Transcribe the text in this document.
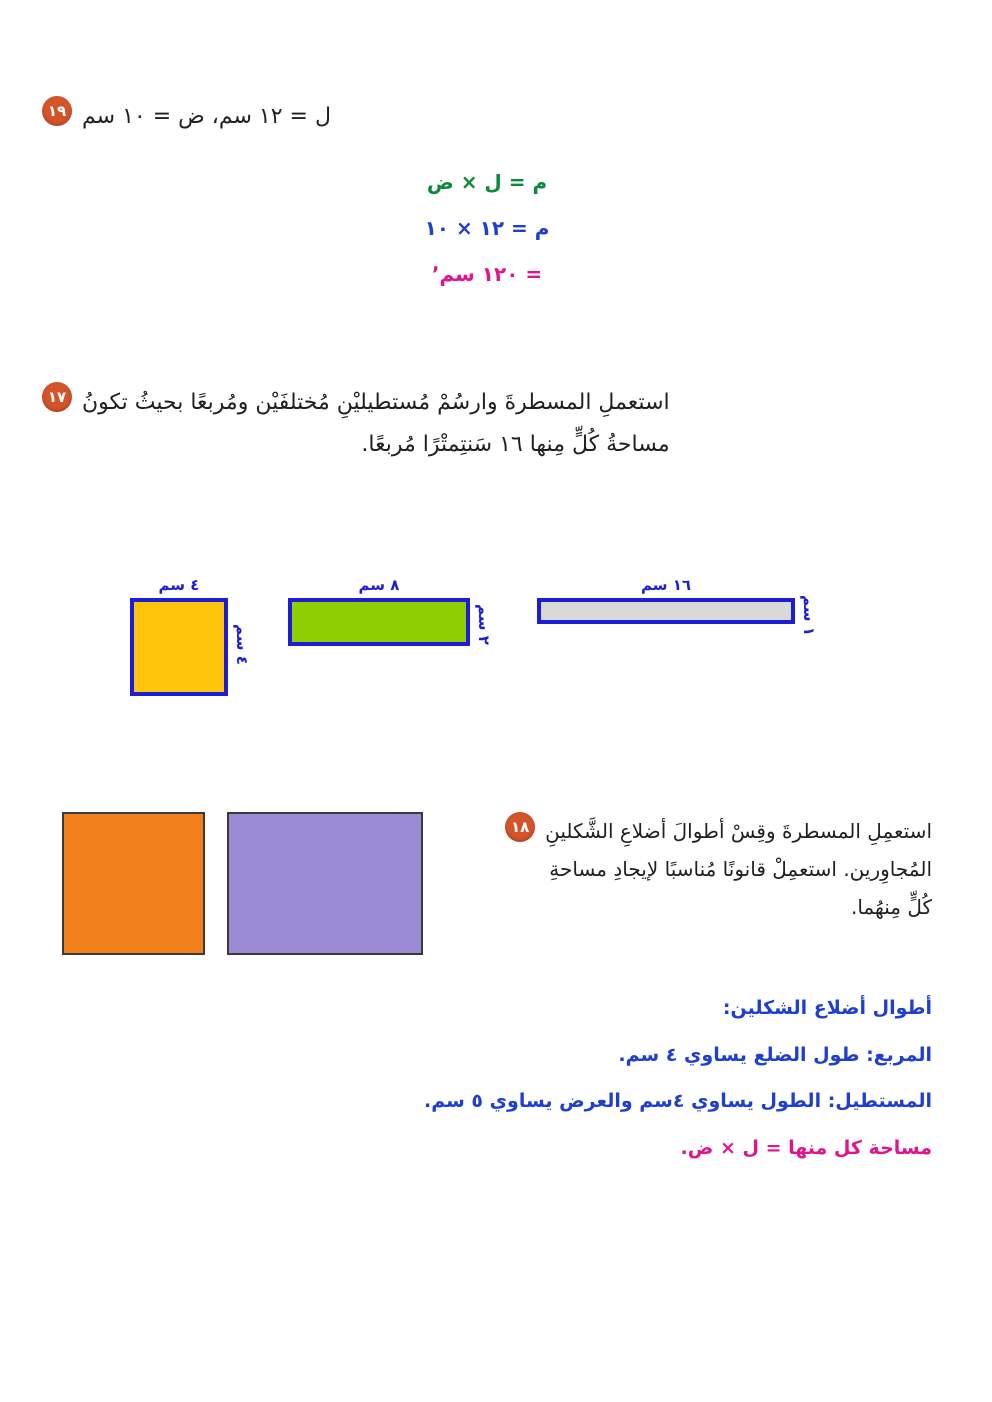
ل = ١٢ سم، ض = ١٠ سم
١٩
م = ل × ض
م = ١٢ × ١٠
= ١٢٠ سم٬
استعملِ المسطرةَ وارسُمْ مُستطيليْنِ مُختلفَيْن ومُربعًا بحيثُ تكونُ
مساحةُ كُلٍّ مِنها ١٦ سَنتِمتْرًا مُربعًا.
١٧
٤ سم
٤ سم
٨ سم
٢ سم
١٦ سم
١ سم
استعمِلِ المسطرةَ وقِسْ أطوالَ أضلاعِ الشَّكلينِ
المُجاوِرين. استعمِلْ قانونًا مُناسبًا لإيجادِ مساحةِ
كُلٍّ مِنهُما.
١٨
أطوال أضلاع الشكلين:
المربع: طول الضلع يساوي ٤ سم.
المستطيل: الطول يساوي ٤سم والعرض يساوي ٥ سم.
مساحة كل منها = ل × ض.
